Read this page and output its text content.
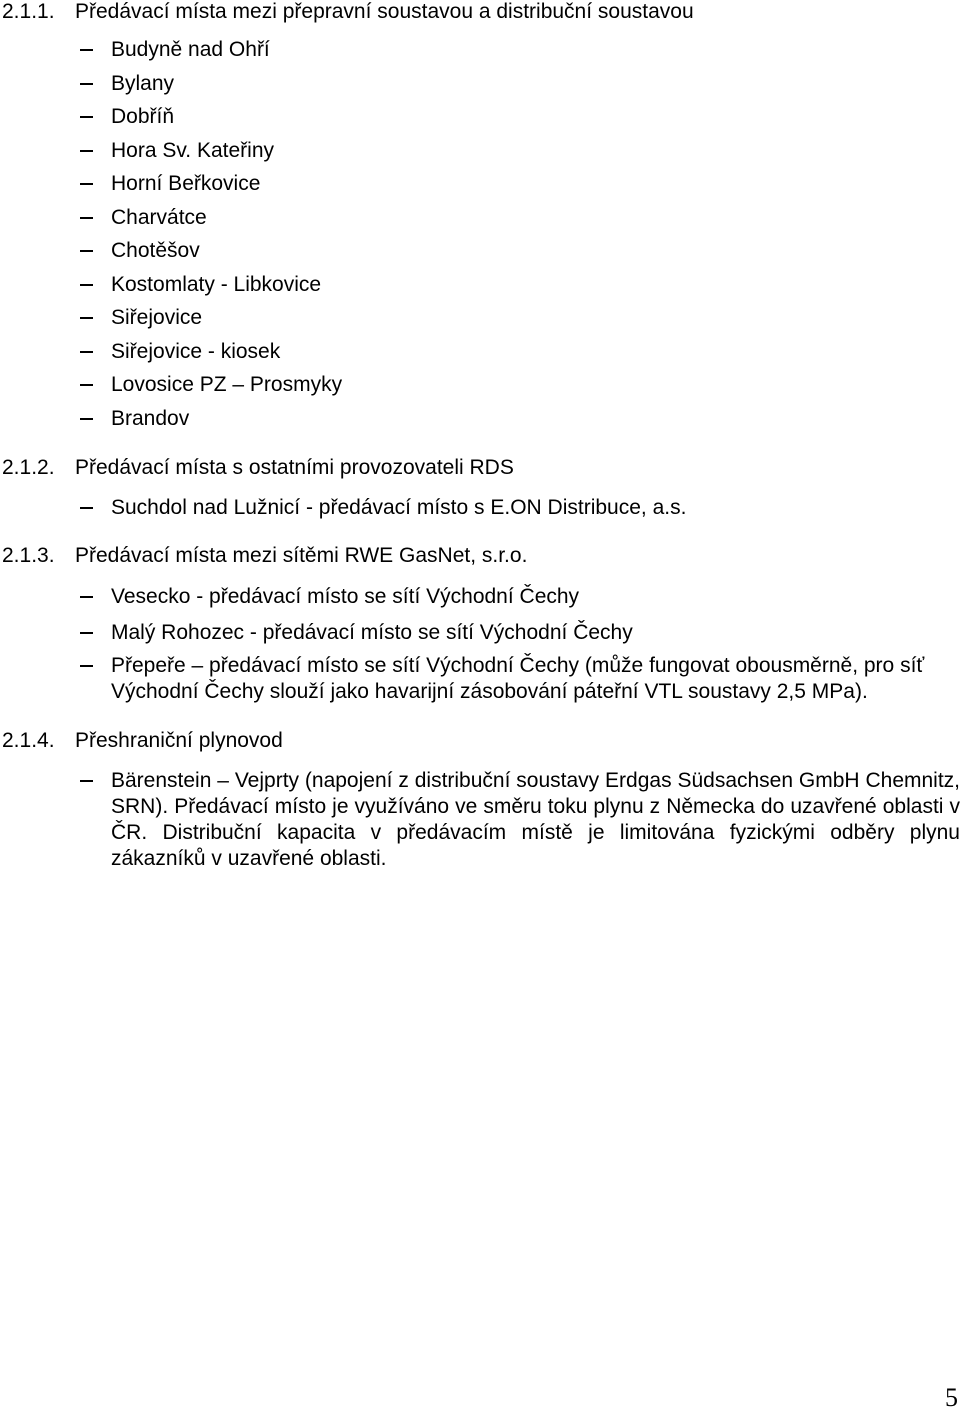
2.1.1. Předávací místa mezi přepravní soustavou a distribuční soustavou
Budyně nad Ohří
Bylany
Dobříň
Hora Sv. Kateřiny
Horní Beřkovice
Charvátce
Chotěšov
Kostomlaty - Libkovice
Siřejovice
Siřejovice - kiosek
Lovosice PZ – Prosmyky
Brandov
2.1.2. Předávací místa s ostatními provozovateli RDS
Suchdol nad Lužnicí - předávací místo s E.ON Distribuce, a.s.
2.1.3. Předávací místa mezi sítěmi RWE GasNet, s.r.o.
Vesecko - předávací místo se sítí Východní Čechy
Malý Rohozec - předávací místo se sítí Východní Čechy
Přepeře – předávací místo se sítí Východní Čechy (může fungovat obousměrně, pro síť Východní Čechy slouží jako havarijní zásobování páteřní VTL soustavy 2,5 MPa).
2.1.4. Přeshraniční plynovod
Bärenstein – Vejprty (napojení z distribuční soustavy Erdgas Südsachsen GmbH Chemnitz, SRN). Předávací místo je využíváno ve směru toku plynu z Německa do uzavřené oblasti v ČR. Distribuční kapacita v předávacím místě je limitována fyzickými odběry plynu zákazníků v uzavřené oblasti.
5
